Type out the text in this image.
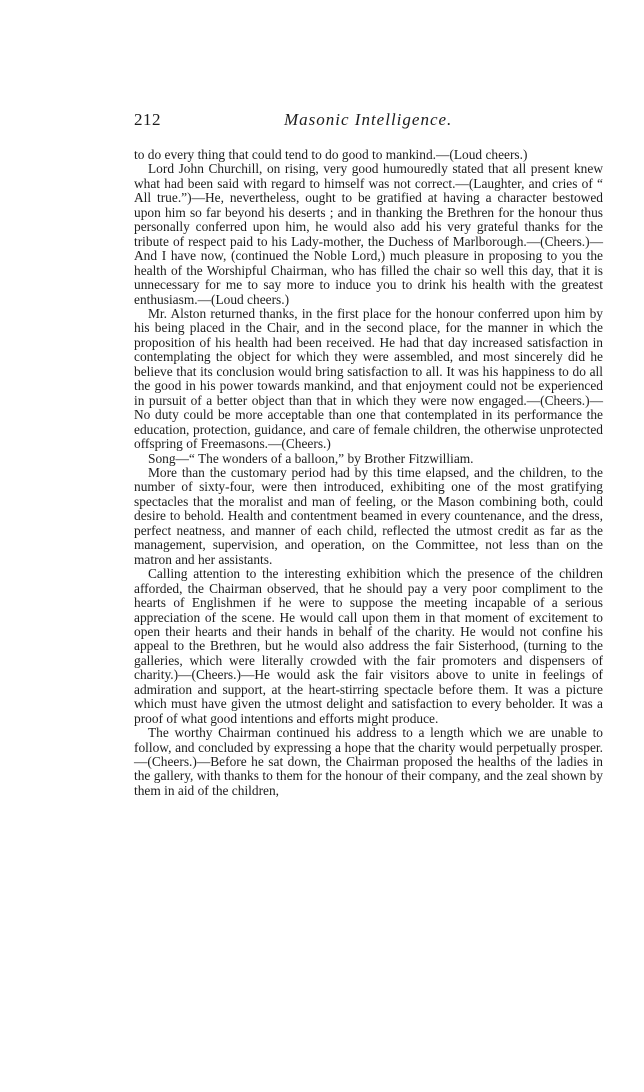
212	Masonic Intelligence.

to do every thing that could tend to do good to mankind.—(Loud cheers.)

Lord John Churchill, on rising, very good humouredly stated that all present knew what had been said with regard to himself was not correct.—(Laughter, and cries of “ All true.”)—He, nevertheless, ought to be gratified at having a character bestowed upon him so far beyond his deserts ; and in thanking the Brethren for the honour thus personally conferred upon him, he would also add his very grateful thanks for the tribute of respect paid to his Lady-mother, the Duchess of Marlborough.—(Cheers.)—And I have now, (continued the Noble Lord,) much pleasure in proposing to you the health of the Worshipful Chairman, who has filled the chair so well this day, that it is unnecessary for me to say more to induce you to drink his health with the greatest enthusiasm.—(Loud cheers.)

Mr. Alston returned thanks, in the first place for the honour conferred upon him by his being placed in the Chair, and in the second place, for the manner in which the proposition of his health had been received. He had that day increased satisfaction in contemplating the object for which they were assembled, and most sincerely did he believe that its conclusion would bring satisfaction to all. It was his happiness to do all the good in his power towards mankind, and that enjoyment could not be experienced in pursuit of a better object than that in which they were now engaged.—(Cheers.)—No duty could be more acceptable than one that contemplated in its performance the education, protection, guidance, and care of female children, the otherwise unprotected offspring of Freemasons.—(Cheers.)

Song—“ The wonders of a balloon,” by Brother Fitzwilliam.

More than the customary period had by this time elapsed, and the children, to the number of sixty-four, were then introduced, exhibiting one of the most gratifying spectacles that the moralist and man of feeling, or the Mason combining both, could desire to behold. Health and contentment beamed in every countenance, and the dress, perfect neatness, and manner of each child, reflected the utmost credit as far as the management, supervision, and operation, on the Committee, not less than on the matron and her assistants.

Calling attention to the interesting exhibition which the presence of the children afforded, the Chairman observed, that he should pay a very poor compliment to the hearts of Englishmen if he were to suppose the meeting incapable of a serious appreciation of the scene. He would call upon them in that moment of excitement to open their hearts and their hands in behalf of the charity. He would not confine his appeal to the Brethren, but he would also address the fair Sisterhood, (turning to the galleries, which were literally crowded with the fair promoters and dispensers of charity.)—(Cheers.)—He would ask the fair visitors above to unite in feelings of admiration and support, at the heart-stirring spectacle before them. It was a picture which must have given the utmost delight and satisfaction to every beholder. It was a proof of what good intentions and efforts might produce.

The worthy Chairman continued his address to a length which we are unable to follow, and concluded by expressing a hope that the charity would perpetually prosper.—(Cheers.)—Before he sat down, the Chairman proposed the healths of the ladies in the gallery, with thanks to them for the honour of their company, and the zeal shown by them in aid of the children,
